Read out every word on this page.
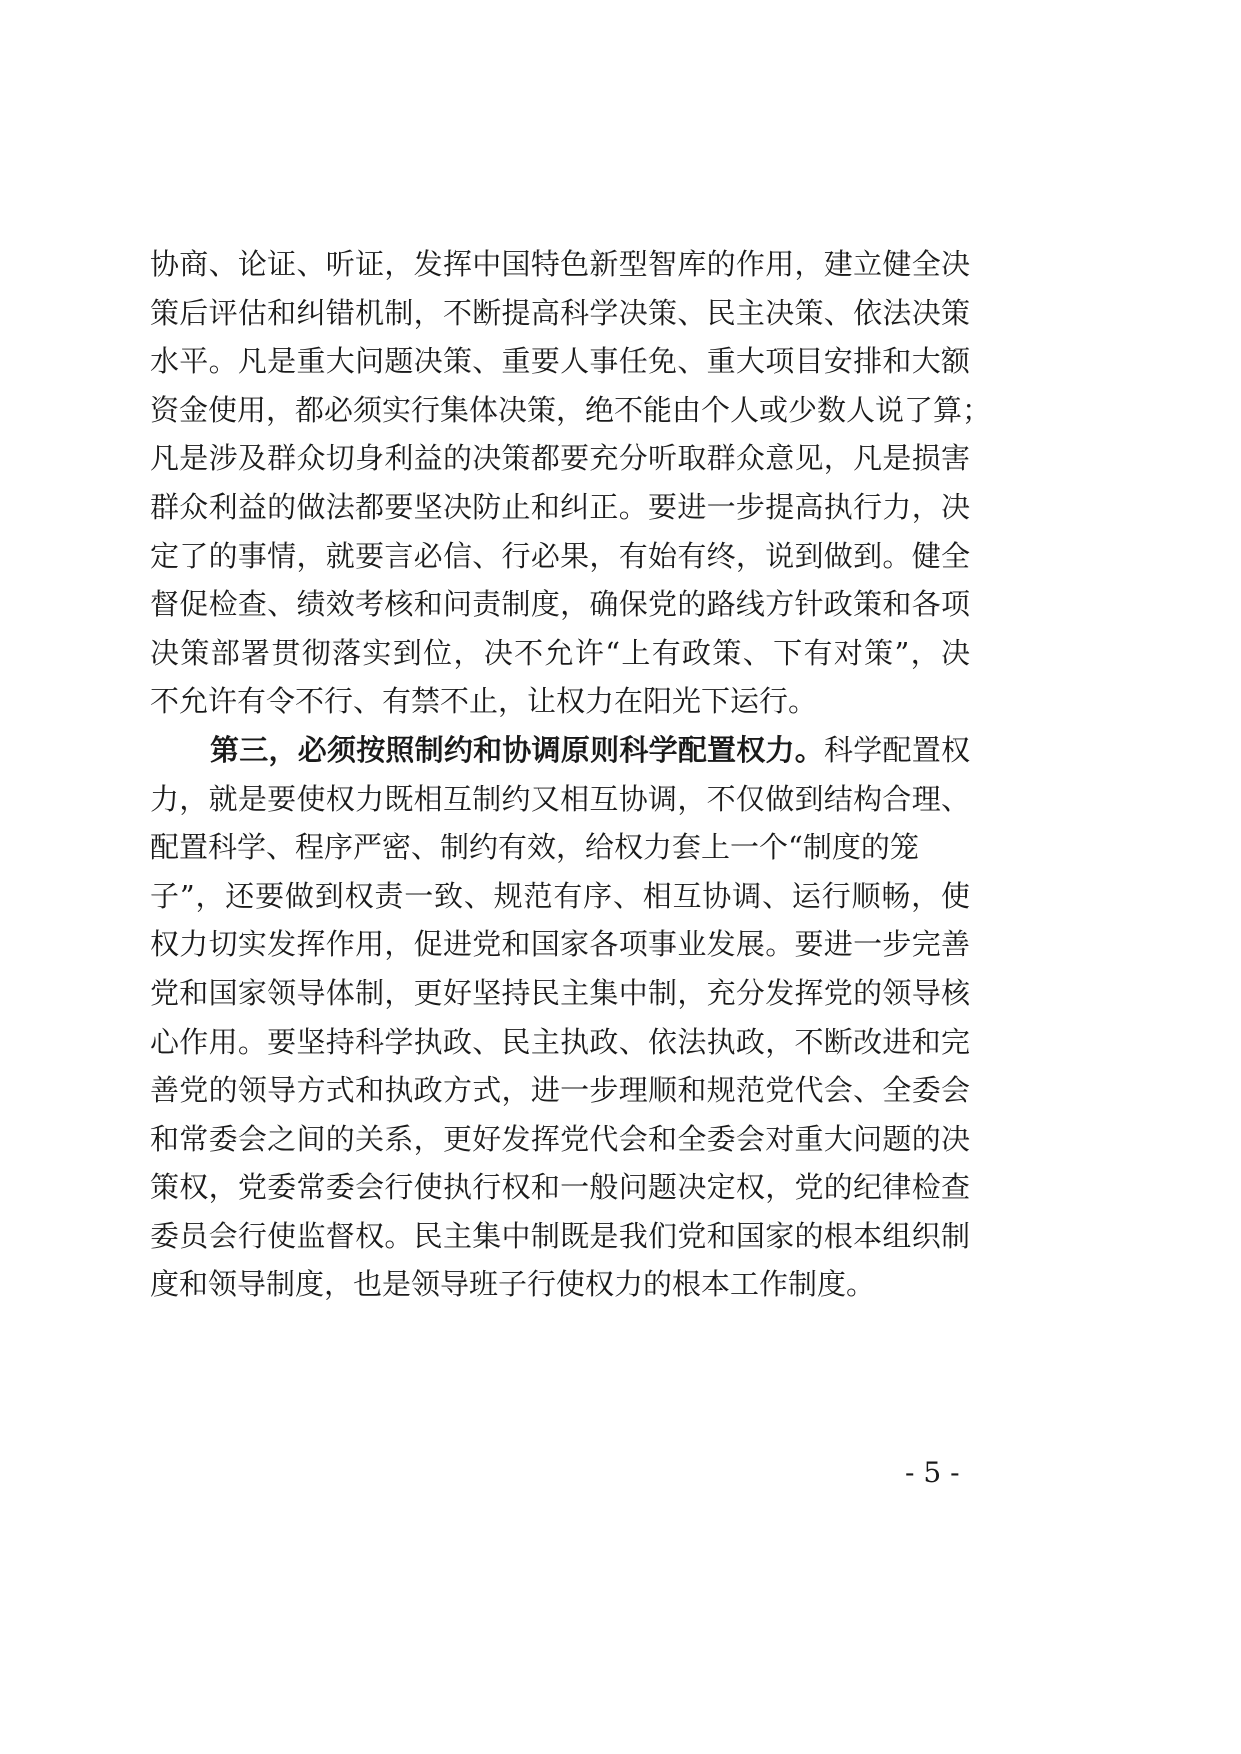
协商、论证、听证，发挥中国特色新型智库的作用，建立健全决
策后评估和纠错机制，不断提高科学决策、民主决策、依法决策
水平。凡是重大问题决策、重要人事任免、重大项目安排和大额
资金使用，都必须实行集体决策，绝不能由个人或少数人说了算；
凡是涉及群众切身利益的决策都要充分听取群众意见，凡是损害
群众利益的做法都要坚决防止和纠正。要进一步提高执行力，决
定了的事情，就要言必信、行必果，有始有终，说到做到。健全
督促检查、绩效考核和问责制度，确保党的路线方针政策和各项
决策部署贯彻落实到位，决不允许“上有政策、下有对策”，决
不允许有令不行、有禁不止，让权力在阳光下运行。
第三，必须按照制约和协调原则科学配置权力。科学配置权
力，就是要使权力既相互制约又相互协调，不仅做到结构合理、
配置科学、程序严密、制约有效，给权力套上一个“制度的笼
子”，还要做到权责一致、规范有序、相互协调、运行顺畅，使
权力切实发挥作用，促进党和国家各项事业发展。要进一步完善
党和国家领导体制，更好坚持民主集中制，充分发挥党的领导核
心作用。要坚持科学执政、民主执政、依法执政，不断改进和完
善党的领导方式和执政方式，进一步理顺和规范党代会、全委会
和常委会之间的关系，更好发挥党代会和全委会对重大问题的决
策权，党委常委会行使执行权和一般问题决定权，党的纪律检查
委员会行使监督权。民主集中制既是我们党和国家的根本组织制
度和领导制度，也是领导班子行使权力的根本工作制度。
- 5 -
